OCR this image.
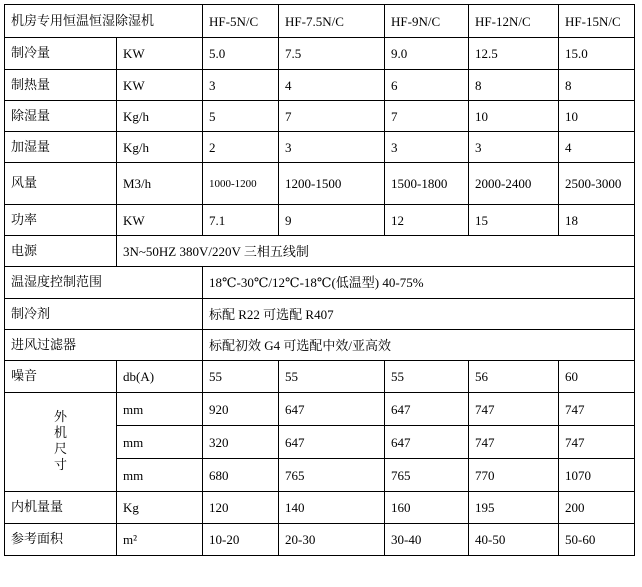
机房专用恒温恒湿除湿机		HF-5N/C	HF-7.5N/C	HF-9N/C	HF-12N/C	HF-15N/C
制冷量	KW	5.0	7.5	9.0	12.5	15.0
制热量	KW	3	4	6	8	8
除湿量	Kg/h	5	7	7	10	10
加湿量	Kg/h	2	3	3	3	4
风量	M3/h	1000-1200	1200-1500	1500-1800	2000-2400	2500-3000
功率	KW	7.1	9	12	15	18
电源	3N~50HZ 380V/220V 三相五线制					
温湿度控制范围		18℃-30℃/12℃-18℃(低温型) 40-75%				
制冷剂		标配 R22 可选配 R407				
进风过滤器		标配初效 G4 可选配中效/亚高效				
噪音	db(A)	55	55	55	56	60
外机尺寸	mm	920	647	647	747	747
	mm	320	647	647	747	747
	mm	680	765	765	770	1070
内机量量	Kg	120	140	160	195	200
参考面积	m²	10-20	20-30	30-40	40-50	50-60
